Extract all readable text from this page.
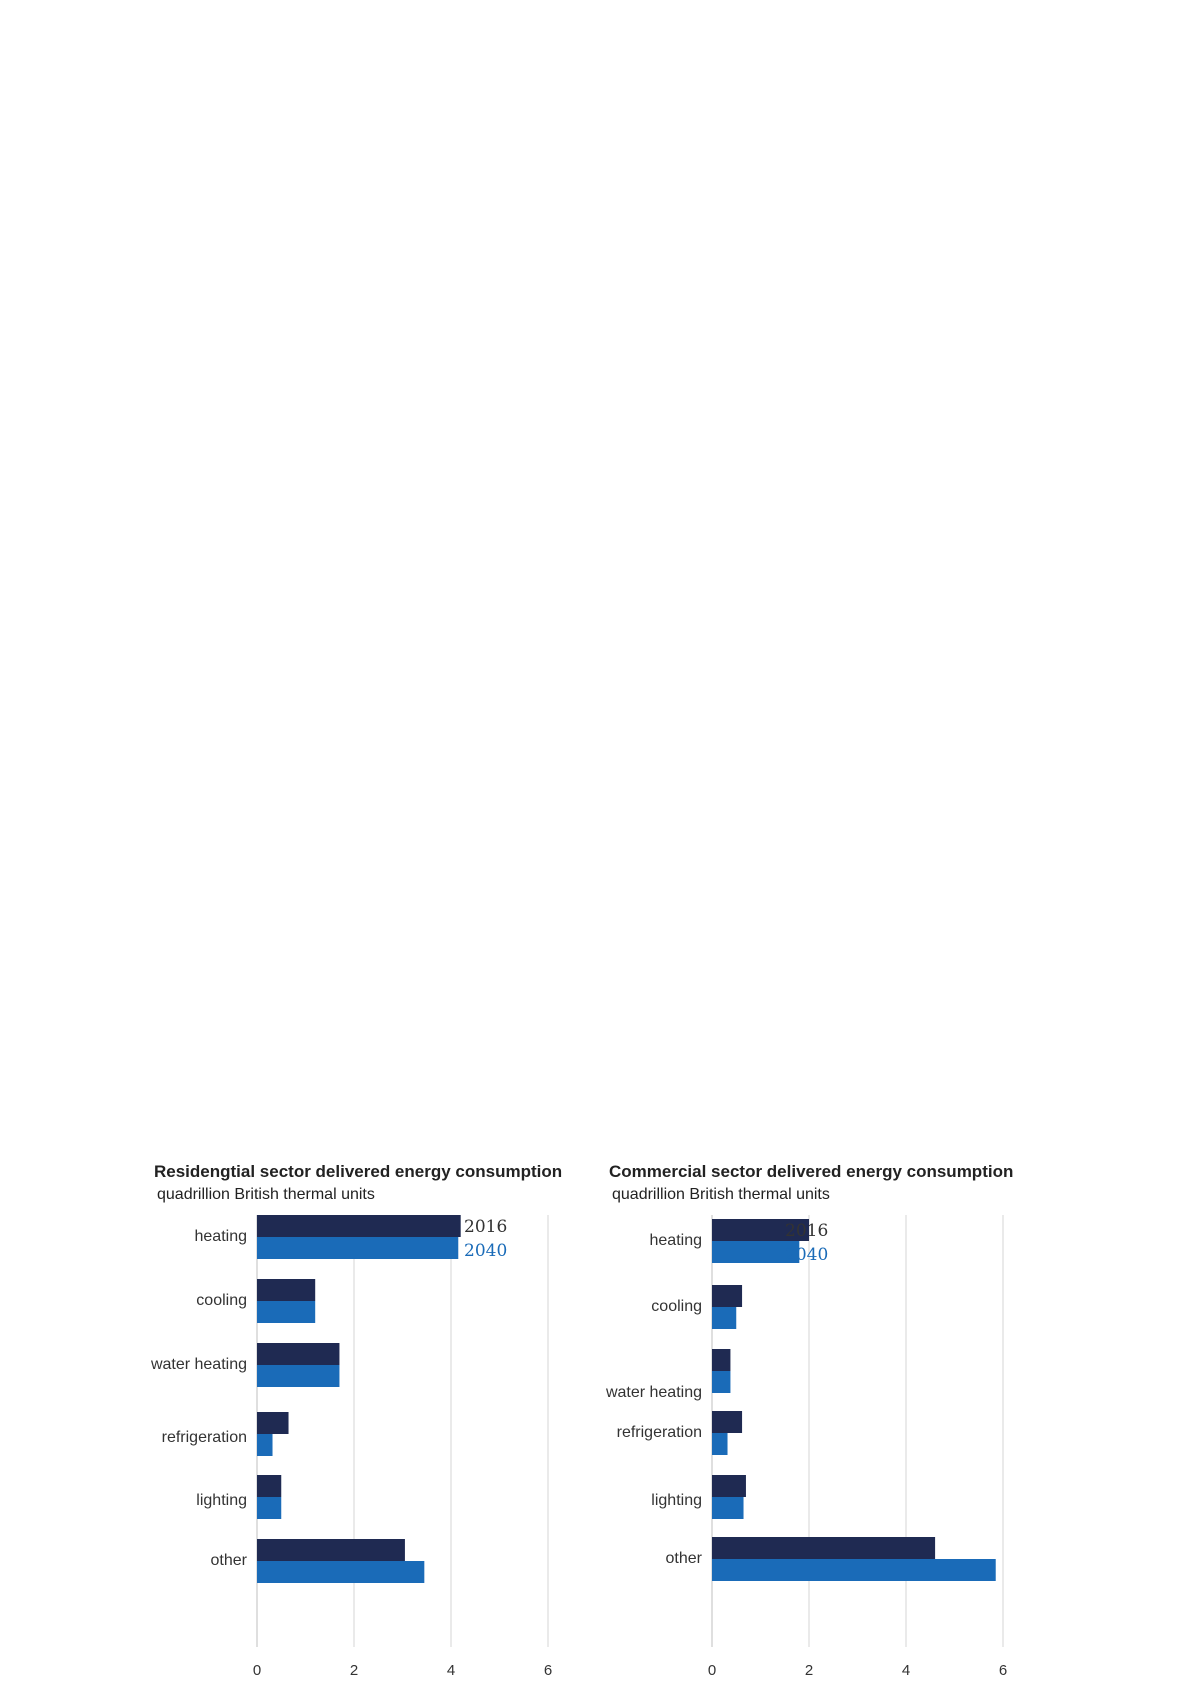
Residengtial sector delivered energy consumption
quadrillion British thermal units
heating
cooling
water heating
refrigeration
lighting
other
2016
2040
0	2	4	6
Commercial sector delivered energy consumption
quadrillion British thermal units
heating
cooling
water heating
refrigeration
lighting
other
2016
2040
0	2	4	6
